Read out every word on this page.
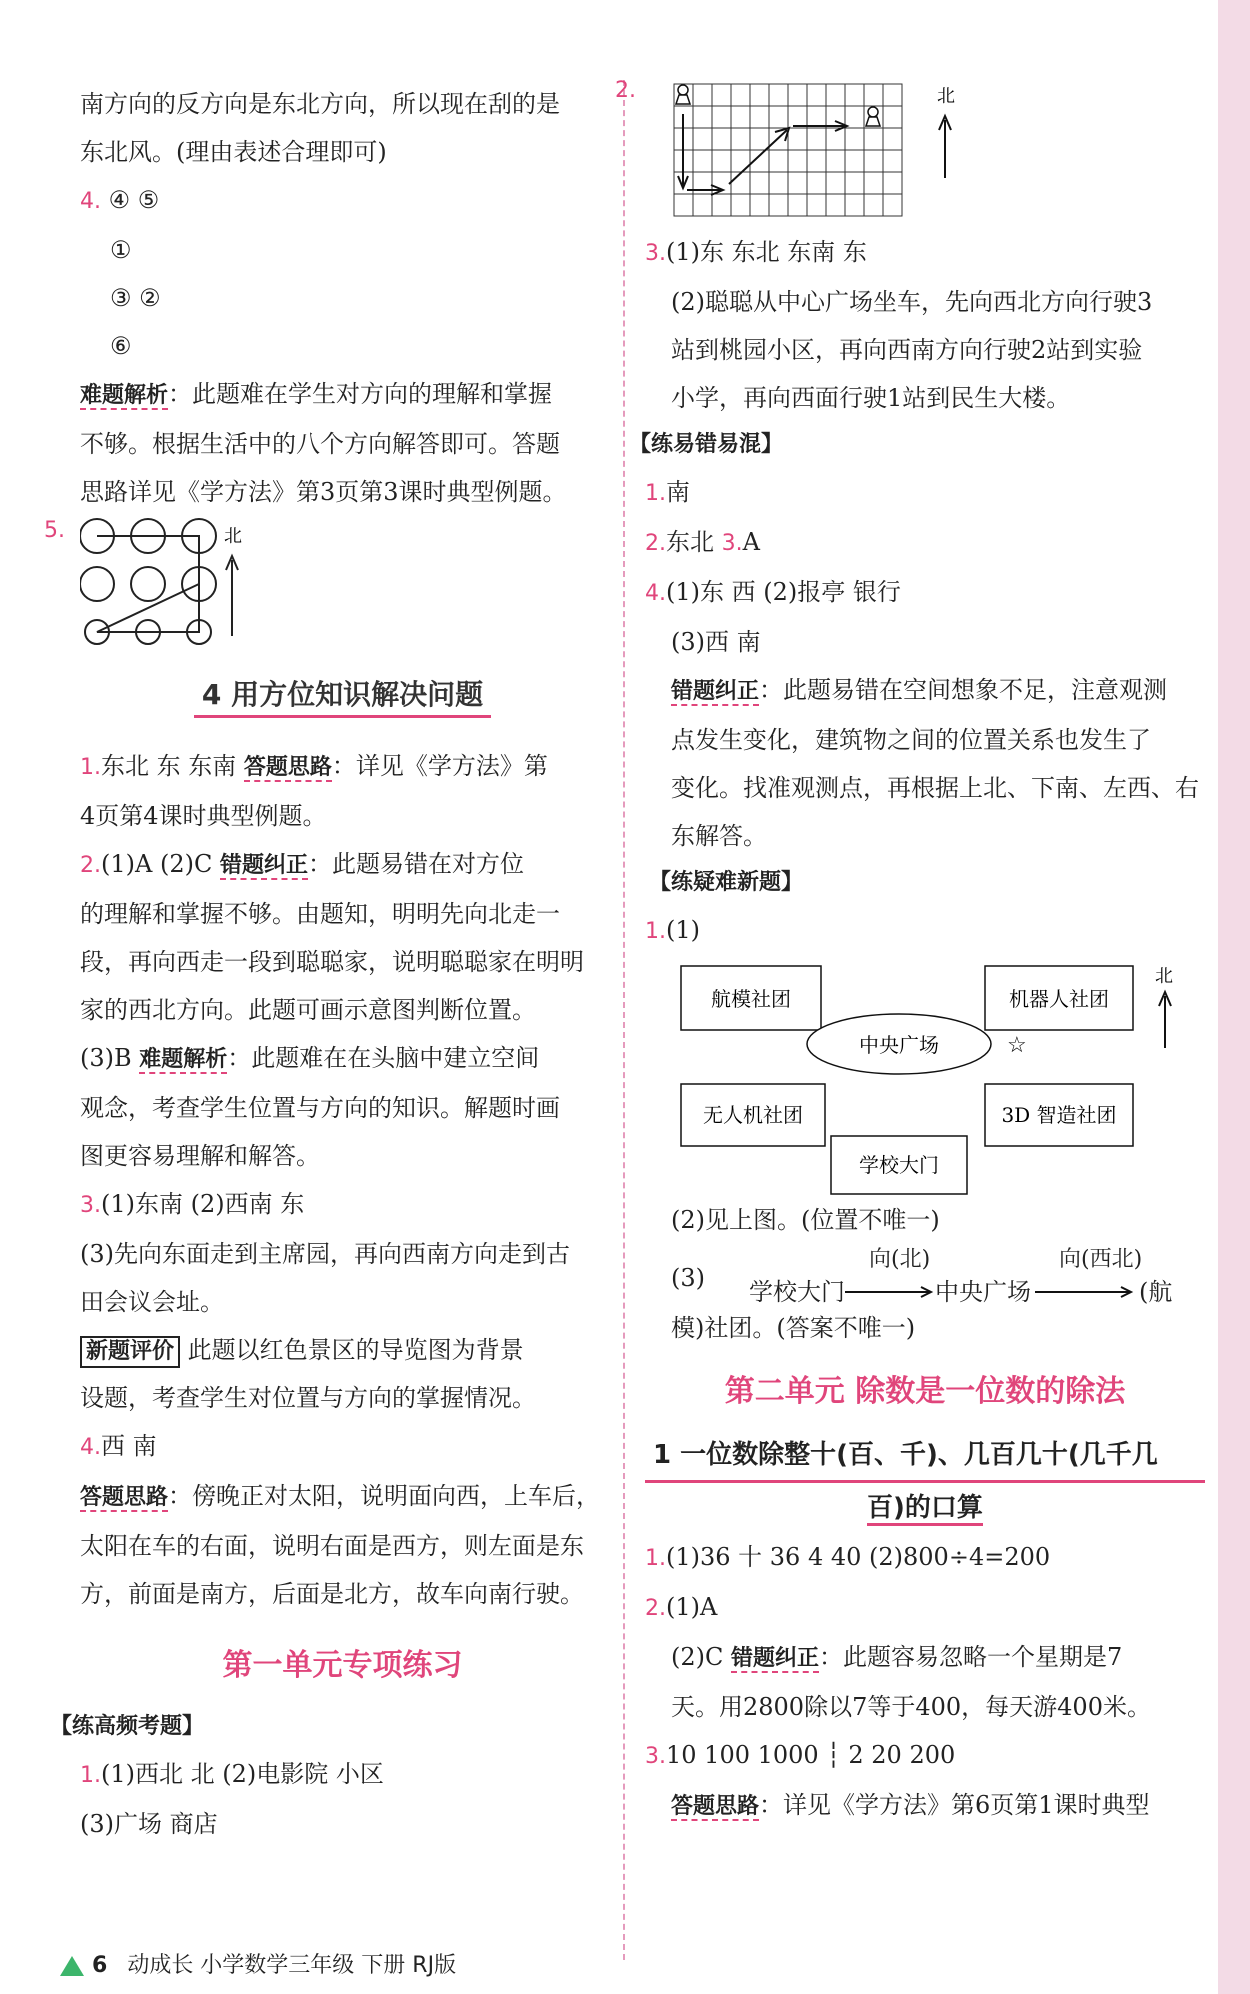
南方向的反方向是东北方向，所以现在刮的是
东北风。(理由表述合理即可)
4. ④ ⑤
①
③ ②
⑥
难题解析：此题难在学生对方向的理解和掌握
不够。根据生活中的八个方向解答即可。答题
思路详见《学方法》第3页第3课时典型例题。
5.	北
4 用方位知识解决问题
1.东北 东 东南 答题思路：详见《学方法》第
4页第4课时典型例题。
2.(1)A (2)C 错题纠正：此题易错在对方位
的理解和掌握不够。由题知，明明先向北走一
段，再向西走一段到聪聪家，说明聪聪家在明明
家的西北方向。此题可画示意图判断位置。
(3)B 难题解析：此题难在在头脑中建立空间
观念，考查学生位置与方向的知识。解题时画
图更容易理解和解答。
3.(1)东南 (2)西南 东
(3)先向东面走到主席园，再向西南方向走到古
田会议会址。
新题评价 此题以红色景区的导览图为背景
设题，考查学生对位置与方向的掌握情况。
4.西 南
答题思路：傍晚正对太阳，说明面向西，上车后，
太阳在车的右面，说明右面是西方，则左面是东
方，前面是南方，后面是北方，故车向南行驶。
第一单元专项练习
【练高频考题】
1.(1)西北 北 (2)电影院 小区
(3)广场 商店
2.	北
3.(1)东 东北 东南 东
(2)聪聪从中心广场坐车，先向西北方向行驶3
站到桃园小区，再向西南方向行驶2站到实验
小学，再向西面行驶1站到民生大楼。
【练易错易混】
1.南
2.东北 3.A
4.(1)东 西 (2)报亭 银行
(3)西 南
错题纠正：此题易错在空间想象不足，注意观测
点发生变化，建筑物之间的位置关系也发生了
变化。找准观测点，再根据上北、下南、左西、右
东解答。
【练疑难新题】
1.(1)
航模社团	机器人社团
中央广场
无人机社团	3D 智造社团
学校大门
☆
北
(2)见上图。(位置不唯一)
(3) 学校大门
向(北)
中央广场
向(西北)
(航
模)社团。(答案不唯一)
第二单元 除数是一位数的除法
1 一位数除整十(百、千)、几百几十(几千几
百)的口算
1.(1)36 十 36 4 40 (2)800÷4=200
2.(1)A
(2)C 错题纠正：此题容易忽略一个星期是7
天。用2800除以7等于400，每天游400米。
3.10 100 1000 ┆ 2 20 200
答题思路：详见《学方法》第6页第1课时典型
6 动成长 小学数学三年级 下册 RJ版
